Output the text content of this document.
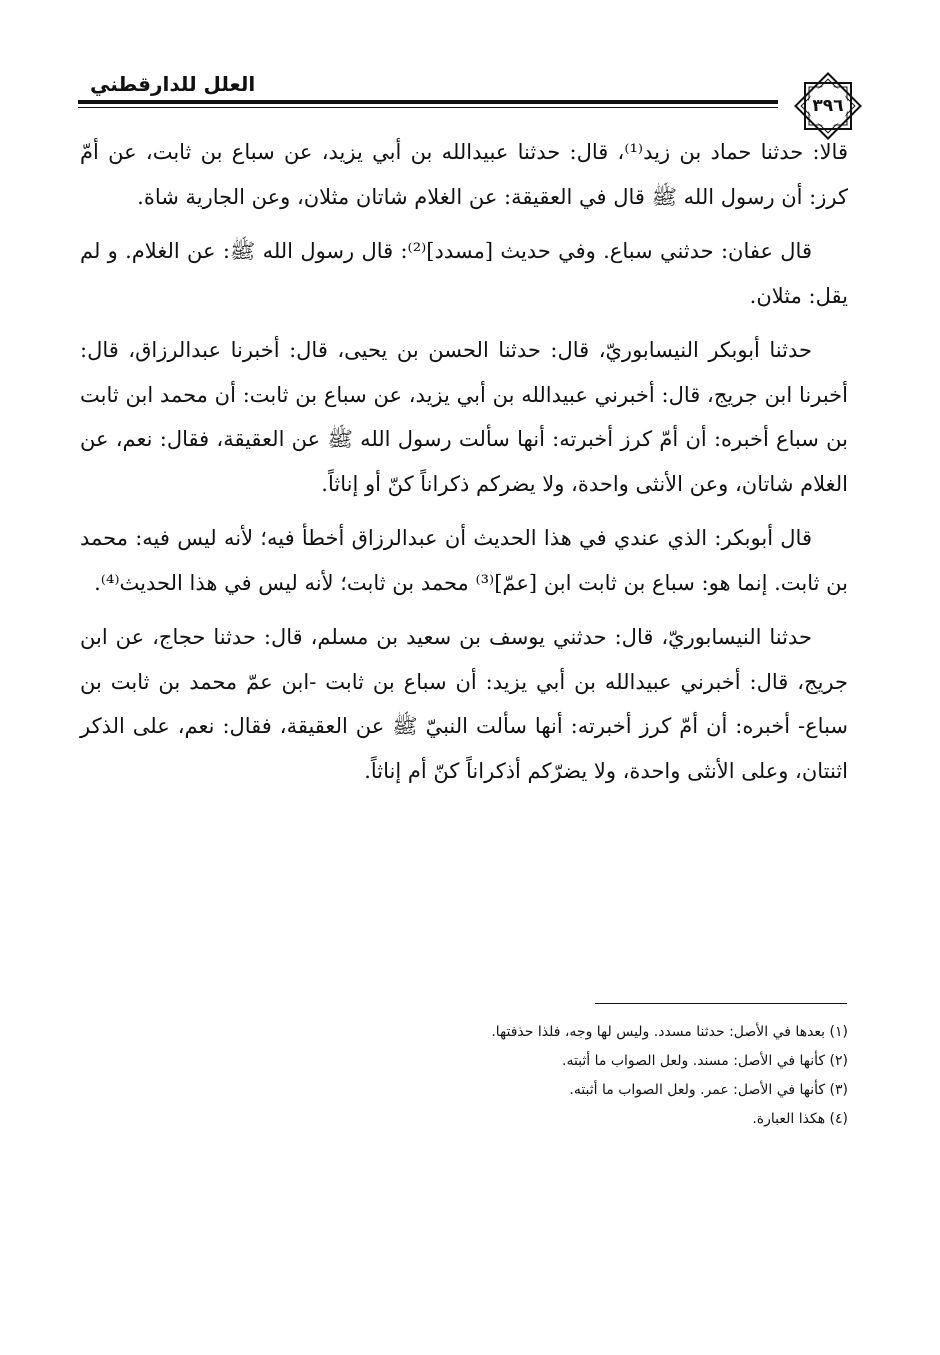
العلل للدارقطني
٣٩٦

قالا: حدثنا حماد بن زيد⁽¹⁾، قال: حدثنا عبيدالله بن أبي يزيد، عن سباع بن ثابت، عن أمّ كرز: أن رسول الله ﷺ قال في العقيقة: عن الغلام شاتان مثلان، وعن الجارية شاة.

قال عفان: حدثني سباع. وفي حديث [مسدد]⁽²⁾: قال رسول الله ﷺ: عن الغلام. و لم يقل: مثلان.

حدثنا أبوبكر النيسابوريّ، قال: حدثنا الحسن بن يحيى، قال: أخبرنا عبدالرزاق، قال: أخبرنا ابن جريج، قال: أخبرني عبيدالله بن أبي يزيد، عن سباع بن ثابت: أن محمد ابن ثابت بن سباع أخبره: أن أمّ كرز أخبرته: أنها سألت رسول الله ﷺ عن العقيقة، فقال: نعم، عن الغلام شاتان، وعن الأنثى واحدة، ولا يضركم ذكراناً كنّ أو إناثاً.

قال أبوبكر: الذي عندي في هذا الحديث أن عبدالرزاق أخطأ فيه؛ لأنه ليس فيه: محمد بن ثابت. إنما هو: سباع بن ثابت ابن [عمّ]⁽³⁾ محمد بن ثابت؛ لأنه ليس في هذا الحديث⁽⁴⁾.

حدثنا النيسابوريّ، قال: حدثني يوسف بن سعيد بن مسلم، قال: حدثنا حجاج، عن ابن جريج، قال: أخبرني عبيدالله بن أبي يزيد: أن سباع بن ثابت -ابن عمّ محمد بن ثابت بن سباع- أخبره: أن أمّ كرز أخبرته: أنها سألت النبيّ ﷺ عن العقيقة، فقال: نعم، على الذكر اثنتان، وعلى الأنثى واحدة، ولا يضرّكم أذكراناً كنّ أم إناثاً.

(١) بعدها في الأصل: حدثنا مسدد. وليس لها وجه، فلذا حذفتها.

(٢) كأنها في الأصل: مسند. ولعل الصواب ما أثبته.

(٣) كأنها في الأصل: عمر. ولعل الصواب ما أثبته.

(٤) هكذا العبارة.
